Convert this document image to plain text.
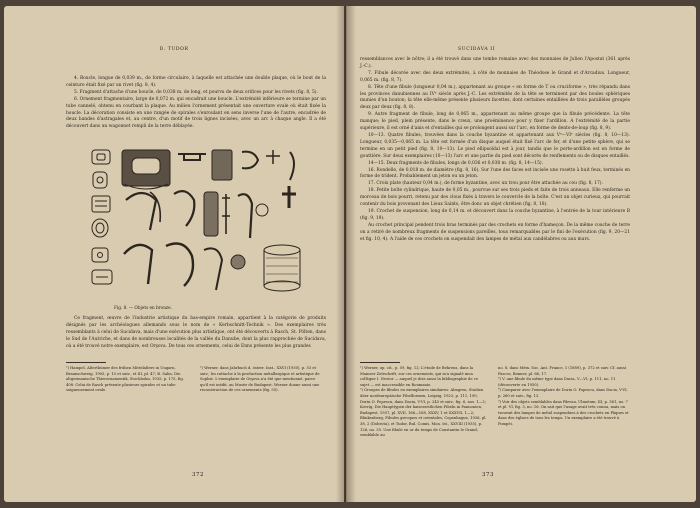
D. TUDOR

4. Boucle, longue de 0,039 m., de forme circulaire, à laquelle est attachée une double plaque, où le bout de la ceinture était fixé par un rivet (fig. 8, 4).

5. Fragment d'attache d'une boucle, de 0,038 m. de long, et pourvu de deux orifices pour les rivets (fig. 8, 5).

6. Ornement fragmentaire, large de 0,072 m. qui encadrait une boucle. L'extrémité inférieure se termine par un tube cannelé, obtenu en courbant la plaque. Au milieu l'ornement présentait une ouverture ovale où était fixée la boucle. La décoration consiste en une rangée de spirales s'enroulant en sens inverse l'une de l'autre, encadrée de deux bandes d'astragales et, au centre, d'un motif de trois lignes incisées, avec un arc à chaque angle. Il a été découvert dans un wagonnet rempli de la terre déblayée.

Fig. 8. — Objets en bronze.

Ce fragment, œuvre de l'industrie artistique du bas-empire romain, appartient à la catégorie de produits désignés par les archéologues allemands sous le nom de « Kerbschnitt-Technik ». Des exemplaires très ressemblants à celui de Sucidava, mais d'une exécution plus artistique, ont été découverts à Rasch, St. Pölten, dans le Sud de l'Autriche, et dans de nombreuses localités de la vallée du Danube, dont la plus rapprochée de Sucidava, où a été trouvé notre exemplaire, est Orşova. De tous ces ornements, celui de Enns présente les plus grandes

¹) Hampel, Alterthümer des frühen Mittelalters in Ungarn, Braunschweig, 1905, p. 15 et suiv., et III, pl. 47; B. Salin, Die altgermanische Thierornamentik, Stockholm, 1935, p. 175, fig. 408. Celui de Rasch présente plusieurs spirales et un tube soigneusement ovale.

²) Werner, dans Jahrbuch d. österr. Inst., XXVI (1930), p. 53 et suiv., les rattache à la production métallurgique et artistique de Sophie. L'exemplaire de Orşova n'a été que mentionné, parce qu'il est inédit, au Musée de Budapest. Werner donne aussi une reconstruction de ces ornements (fig. 55).

372
SUCIDAVA II

ressemblances avec le nôtre; il a été trouvé dans une tombe romaine avec des monnaies de Julien l'Apostat (361 après J.-C.).

7. Fibule décorée avec des deux extrémités, à côté de monnaies de Théodose le Grand et d'Arcadius. Longueur, 0,065 m. (fig. 8, 7).

8. Tête d'une fibule (longueur 0,04 m.), appartenant au groupe « en forme de T ou cruciforme », très répandu dans les provinces danubiennes au IVᵉ siècle après J.-C. Les extrémités de la tête se terminent par des boules sphériques munies d'un bouton; la tête elle-même présente plusieurs facettes, dont certaines entaillées de trois parallèles groupés deux par deux (fig. 8, 8).

9. Autre fragment de fibule, long de 0,065 m., appartenant au même groupe que la fibule précédente. La tête manque; le pied, plein présente, dans le creux, une proéminence pour y fixer l'ardillon. A l'extrémité de la partie supérieure, il est orné d'anis et d'entailles qui se prolongent aussi sur l'arc, en forme de dents-de-loup (fig. 8, 9).

10—13. Quatre fibules, trouvées dans la couche byzantine et appartenant aux Vᵉ—VIᵉ siècles (fig. 8, 10—13). Longueur, 0,035—0,065 m. La tête est formée d'un disque auquel était fixé l'arc de fer, et d'une petite sphère, qui se termine en un petit pied (fig. 8, 10—13). Le pied ellipsoïdal est à jour, tandis que le porte-ardillon est en forme de gouttière. Sur deux exemplaires (10—13) l'arc et une partie du pied sont décorés de renflements ou de disques entaillés.

14—15. Deux fragments de fibules, longs de 0,036 et 0,038 m. (fig. 8, 14—15).

16. Rondelle, de 0,018 m. de diamètre (fig. 8, 16). Sur l'une des faces est incisée une rosette à huit feux, terminés en forme de trident. Probablement un jeton ou un jeton.

17. Croix plate (hauteur 0,04 m.), de forme byzantine, avec un trou pour être attachée au cou (fig. 8, 17).

18. Petite boîte cylindrique, haute de 0,05 m., pourvue sur ses trois pieds et faite de trois anneaux. Elle renferme un morceau de bois pourri, retenu par des clous fixés à travers le couvercle de la boîte. C'est un objet curieux, qui pourrait contenir du bois provenant des Lieux Saints, être donc un objet chrétien (fig. 8, 18).

19. Crochet de suspension, long de 0,14 m. et découvert dans la couche byzantine, à l'entrée de la tour intérieure B (fig. 9, 19).

Au crochet principal pendent trois bras terminés par des crochets en forme d'hameçon. De la même couche de terre on a retiré de nombreux fragments de suspensions pareilles, tous remarquables par le fini de l'exécution (fig. 9, 20—21 et fig. 10, 4). A l'aide de ces crochets on suspendait des lampes de métal aux candélabres ou aux murs.

¹) Werner, op. cit., p. 59, fig. 12; L'étude de Behrens, dans la Mainzer Zeitschrift, sur ces ornements, qui m'a signalé mon collègue I. Nestor — auquel je dois aussi la bibliographie de ce sujet — est inaccessible en Roumanie.

²) Groupes de fibules en exemplaires similaires: Almgren, Studien über nordeuropäische Fibelformen, Leipzig, 1923, p. 111, 190; Dorin O. Popescu, dans Dacia, V-VI, p. 245 et suiv., fig. 6, nos. 1—2; Kovrig, Die Haupttypen der kaiserzeitlichen Fibeln in Pannonien, Budapest, 1937, pl. XVII, 166—168, XXXV, 1 et XXXVII, 1—2; Blinkenberg, Fibules grecques et orientales, Copenhague, 1926, pl. 38, 2 (Dobrota), et Tudor, Bul. Comis. Mon. Ist., XXVIII (1935), p. 126, no. 35. Une fibule en or du temps de Constantin le Grand, semblable au

no. 8, dans Mém. Soc. Ant. France, 1 (1889), p. 372 et suiv. Cf. aussi Fasces, Bonner, pl. 66, 17.

³) V. une fibule du même type dans Dacia, V—VI, p. 111, no. 11 (découverte en 1930).

⁴) Comparer avec l'exemplaire de Dorin O. Popescu, dans Dacia, V-VI, p. 260 et suiv., fig. 13.

⁵) Voir des objets semblables dans Pârvan, Ulmetum, III, p. 361, no. 7 et pl. VI, fig. 3, no. 16. On sait que l'usage avait très connu, mais on trouvait des lampes de métal suspendues à des crochets en Pâques et dans des églises de tous les temps. Un exemplaire a été trouvé à Pompéi.

373
